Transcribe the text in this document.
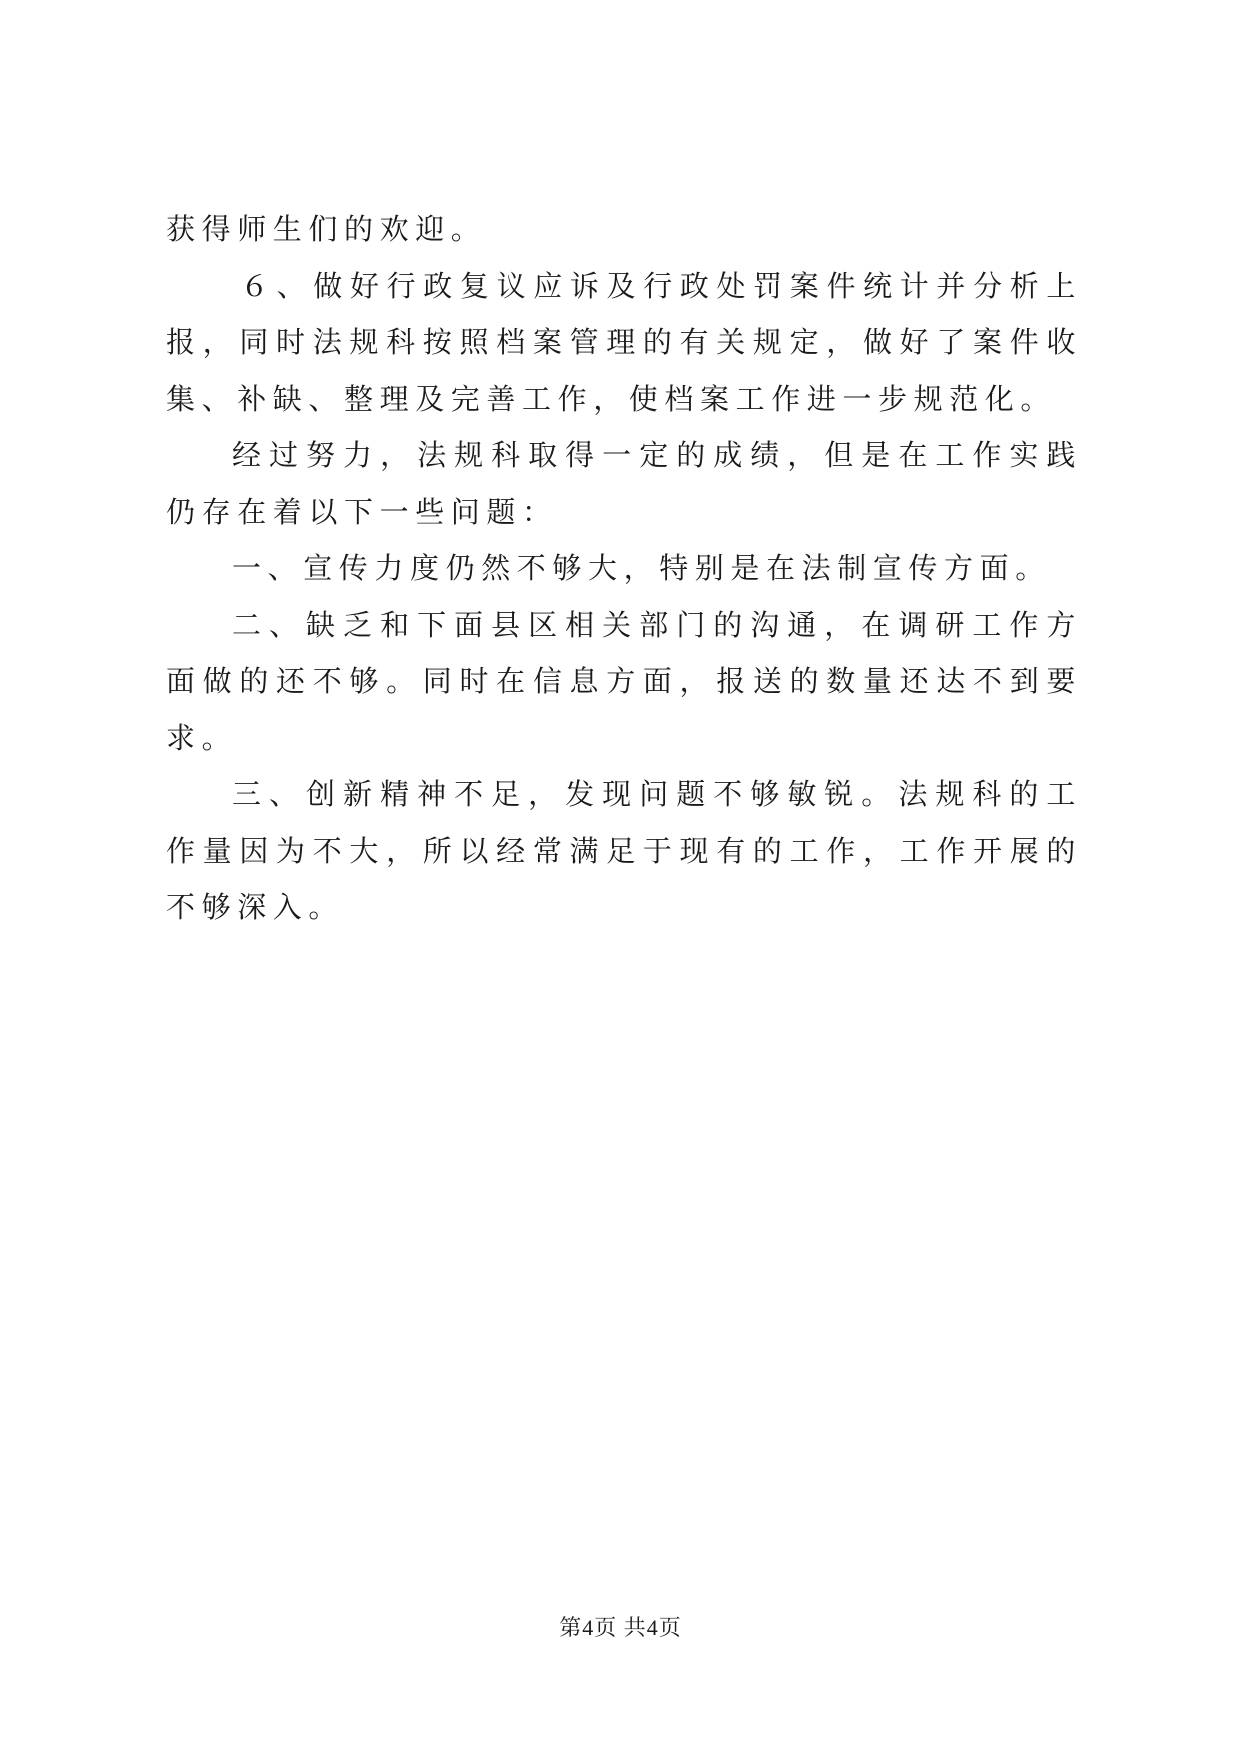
获得师生们的欢迎。

６、做好行政复议应诉及行政处罚案件统计并分析上报，同时法规科按照档案管理的有关规定，做好了案件收集、补缺、整理及完善工作，使档案工作进一步规范化。

经过努力，法规科取得一定的成绩，但是在工作实践仍存在着以下一些问题：

一、宣传力度仍然不够大，特别是在法制宣传方面。

二、缺乏和下面县区相关部门的沟通，在调研工作方面做的还不够。同时在信息方面，报送的数量还达不到要求。

三、创新精神不足，发现问题不够敏锐。法规科的工作量因为不大，所以经常满足于现有的工作，工作开展的不够深入。

第4页 共4页
